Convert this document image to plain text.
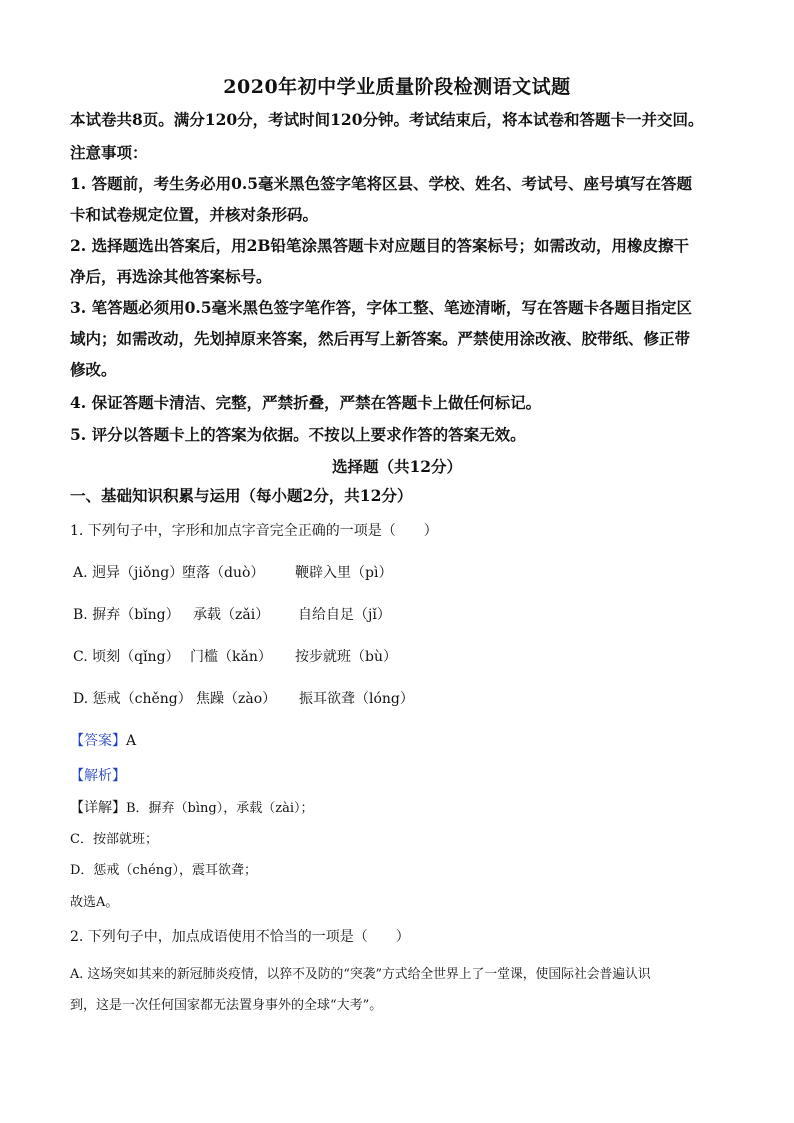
2020年初中学业质量阶段检测语文试题
本试卷共8页。满分120分，考试时间120分钟。考试结束后，将本试卷和答题卡一并交回。
注意事项：
1. 答题前，考生务必用0.5毫米黑色签字笔将区县、学校、姓名、考试号、座号填写在答题
卡和试卷规定位置，并核对条形码。
2. 选择题选出答案后，用2B铅笔涂黑答题卡对应题目的答案标号；如需改动，用橡皮擦干
净后，再选涂其他答案标号。
3. 笔答题必须用0.5毫米黑色签字笔作答，字体工整、笔迹清晰，写在答题卡各题目指定区
域内；如需改动，先划掉原来答案，然后再写上新答案。严禁使用涂改液、胶带纸、修正带
修改。
4. 保证答题卡清洁、完整，严禁折叠，严禁在答题卡上做任何标记。
5. 评分以答题卡上的答案为依据。不按以上要求作答的答案无效。
选择题（共12分）
一、基础知识积累与运用（每小题2分，共12分）
1. 下列句子中，字形和加点字音完全正确的一项是（　　）
A. 迥异（jiǒng）
堕落（duò） 鞭辟入里（pì）
B. 摒弃（bǐng） 承载（zǎi） 自给自足（jǐ）
C. 顷刻（qǐng） 门槛（kǎn） 按步就班（bù）
D. 惩戒（chěng） 焦躁（zào） 振耳欲聋（lóng）
【答案】A
【解析】
【详解】B．摒弃（bìng），承载（zài）；
C．按部就班；
D．惩戒（chéng），震耳欲聋；
故选A。
2. 下列句子中，加点成语使用不恰当的一项是（　　）
A. 这场突如其来的新冠肺炎疫情，以猝不及防的“突袭”方式给全世界上了一堂课，使国际社会普遍认识
到，这是一次任何国家都无法置身事外的全球“大考”。
